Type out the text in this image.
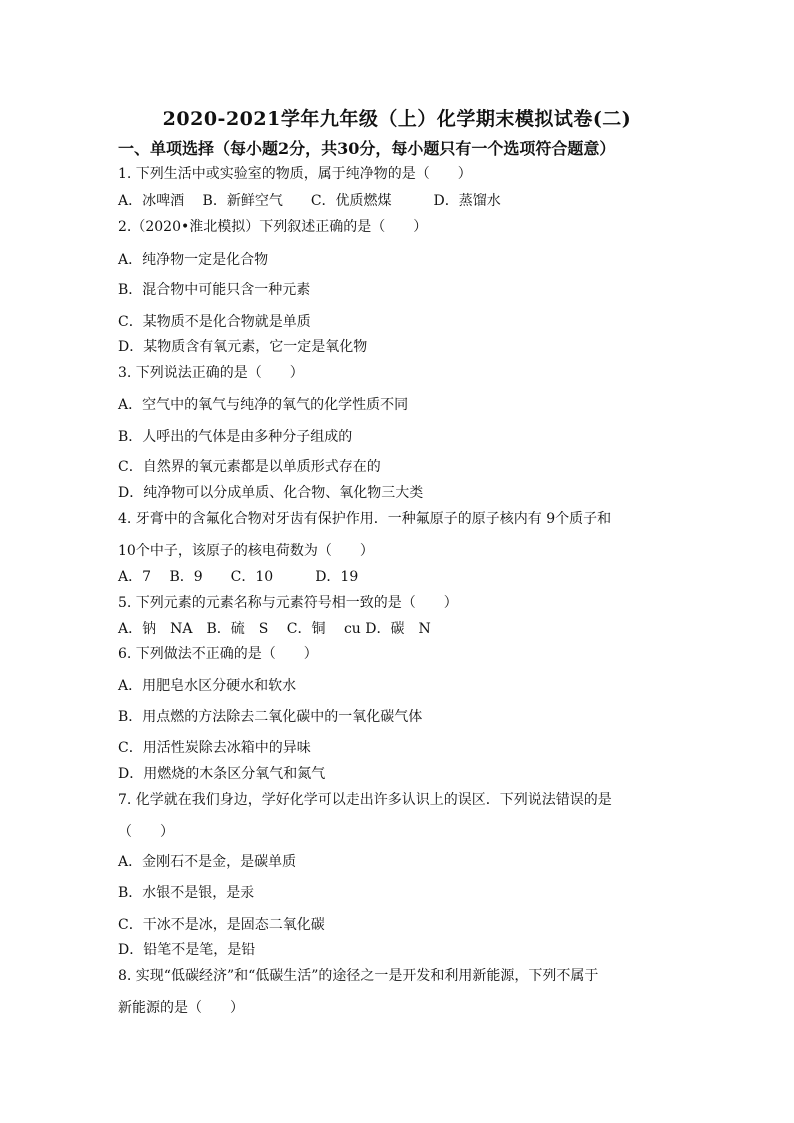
2020-2021学年九年级（上）化学期末模拟试卷(二)
一、单项选择（每小题2分，共30分，每小题只有一个选项符合题意）
1. 下列生活中或实验室的物质，属于纯净物的是（　　）
A．冰啤酒　 B．新鲜空气　　C．优质燃煤　　　D．蒸馏水
2.（2020•淮北模拟）下列叙述正确的是（　　）
A．纯净物一定是化合物
B．混合物中可能只含一种元素
C．某物质不是化合物就是单质
D．某物质含有氧元素，它一定是氧化物
3. 下列说法正确的是（　　）
A．空气中的氧气与纯净的氧气的化学性质不同
B．人呼出的气体是由多种分子组成的
C．自然界的氧元素都是以单质形式存在的
D．纯净物可以分成单质、化合物、氧化物三大类
4. 牙膏中的含氟化合物对牙齿有保护作用．一种氟原子的原子核内有 9个质子和
10个中子，该原子的核电荷数为（　　）
A．7　 B．9　　C．10　　　D．19
5. 下列元素的元素名称与元素符号相一致的是（　　）
A．钠　NA　B．硫　S　 C．铜　 cu D．碳　N
6. 下列做法不正确的是（　　）
A．用肥皂水区分硬水和软水
B．用点燃的方法除去二氧化碳中的一氧化碳气体
C．用活性炭除去冰箱中的异味
D．用燃烧的木条区分氧气和氮气
7. 化学就在我们身边，学好化学可以走出许多认识上的误区．下列说法错误的是
（　　）
A．金刚石不是金，是碳单质
B．水银不是银，是汞
C．干冰不是冰，是固态二氧化碳
D．铅笔不是笔，是铅
8. 实现“低碳经济”和“低碳生活”的途径之一是开发和利用新能源，下列不属于
新能源的是（　　）
